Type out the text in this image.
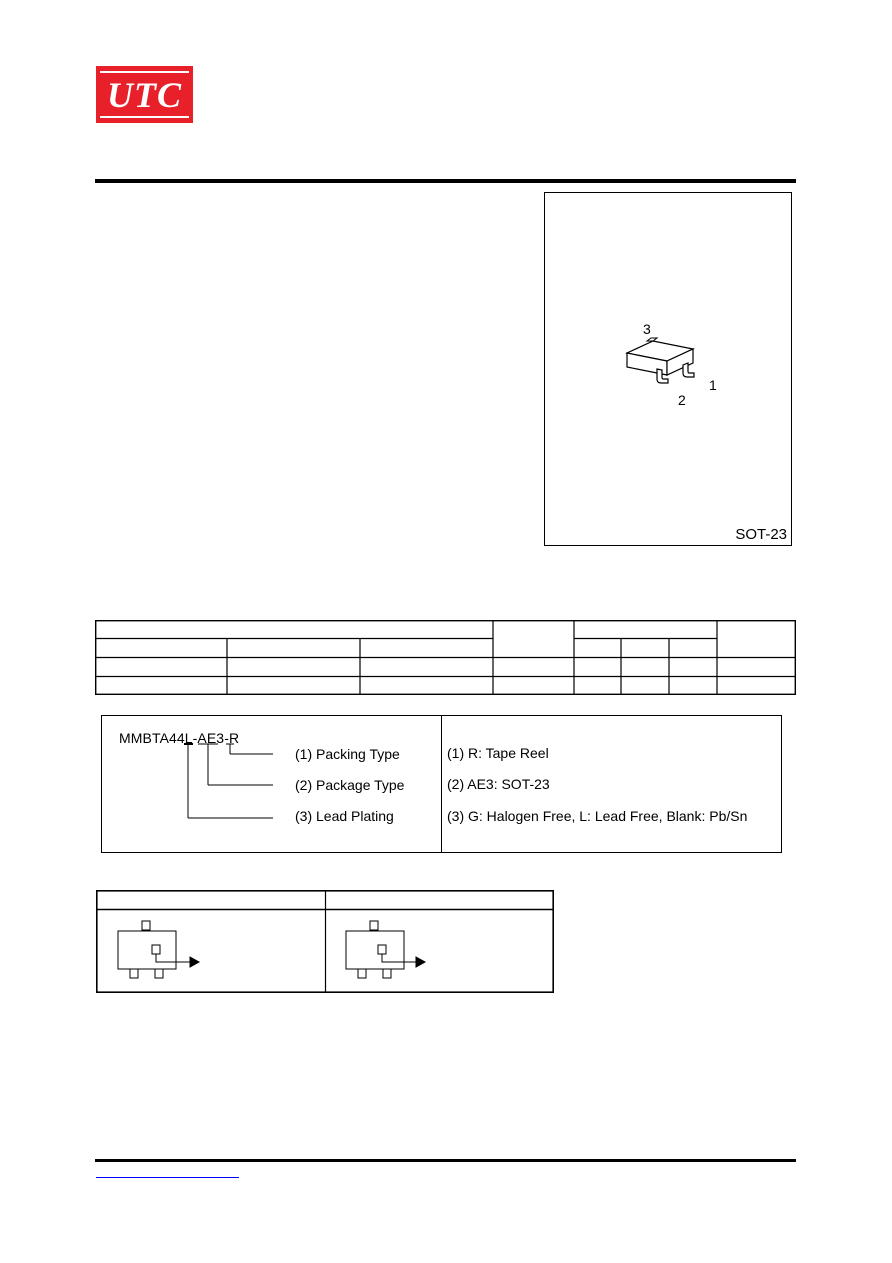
UTC
3
2
1
SOT-23
MMBTA44L-AE3-R
(1) Packing Type
(2) Package Type
(3) Lead Plating
(1) R: Tape Reel
(2) AE3: SOT-23
(3) G: Halogen Free, L: Lead Free, Blank: Pb/Sn
